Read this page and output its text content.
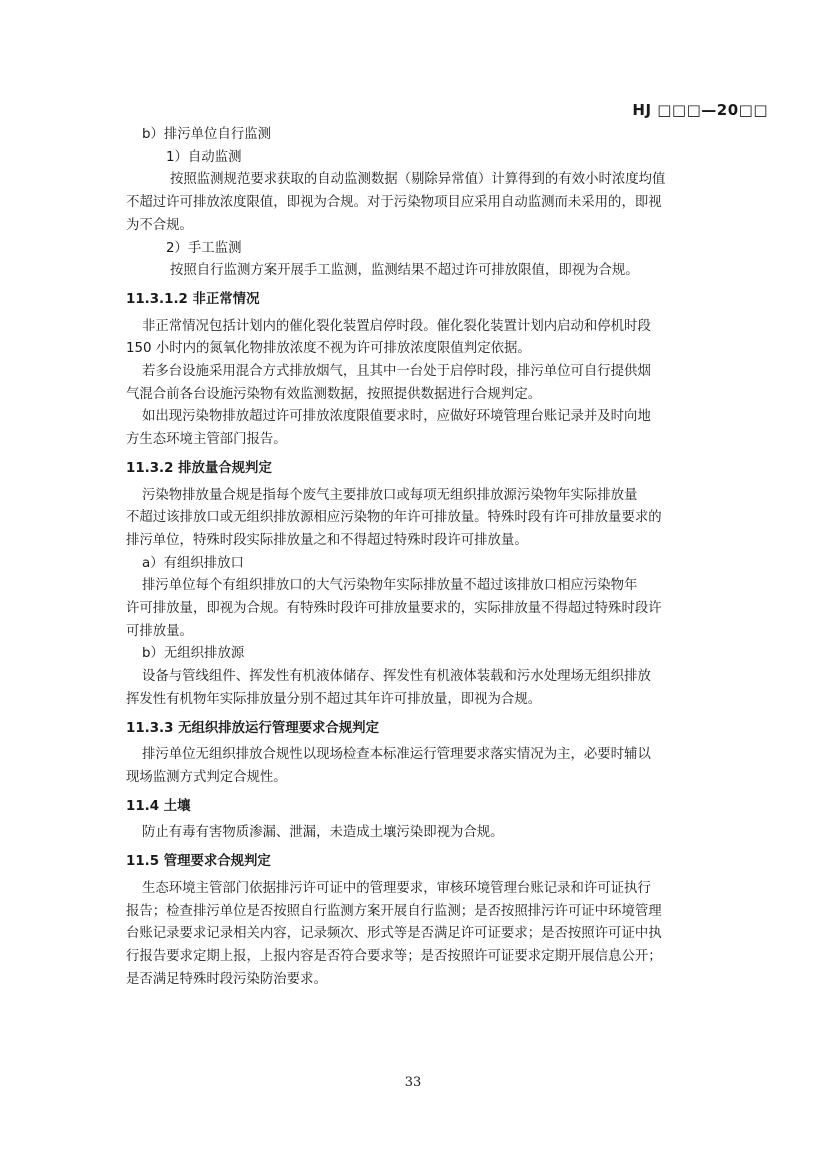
HJ □□□—20□□
b）排污单位自行监测
1）自动监测
按照监测规范要求获取的自动监测数据（剔除异常值）计算得到的有效小时浓度均值
不超过许可排放浓度限值，即视为合规。对于污染物项目应采用自动监测而未采用的，即视
为不合规。
2）手工监测
按照自行监测方案开展手工监测，监测结果不超过许可排放限值，即视为合规。
11.3.1.2 非正常情况
非正常情况包括计划内的催化裂化装置启停时段。催化裂化装置计划内启动和停机时段
150 小时内的氮氧化物排放浓度不视为许可排放浓度限值判定依据。
若多台设施采用混合方式排放烟气，且其中一台处于启停时段，排污单位可自行提供烟
气混合前各台设施污染物有效监测数据，按照提供数据进行合规判定。
如出现污染物排放超过许可排放浓度限值要求时，应做好环境管理台账记录并及时向地
方生态环境主管部门报告。
11.3.2 排放量合规判定
污染物排放量合规是指每个废气主要排放口或每项无组织排放源污染物年实际排放量
不超过该排放口或无组织排放源相应污染物的年许可排放量。特殊时段有许可排放量要求的
排污单位，特殊时段实际排放量之和不得超过特殊时段许可排放量。
a）有组织排放口
排污单位每个有组织排放口的大气污染物年实际排放量不超过该排放口相应污染物年
许可排放量，即视为合规。有特殊时段许可排放量要求的，实际排放量不得超过特殊时段许
可排放量。
b）无组织排放源
设备与管线组件、挥发性有机液体储存、挥发性有机液体装载和污水处理场无组织排放
挥发性有机物年实际排放量分别不超过其年许可排放量，即视为合规。
11.3.3 无组织排放运行管理要求合规判定
排污单位无组织排放合规性以现场检查本标准运行管理要求落实情况为主，必要时辅以
现场监测方式判定合规性。
11.4 土壤
防止有毒有害物质渗漏、泄漏，未造成土壤污染即视为合规。
11.5 管理要求合规判定
生态环境主管部门依据排污许可证中的管理要求，审核环境管理台账记录和许可证执行
报告；检查排污单位是否按照自行监测方案开展自行监测；是否按照排污许可证中环境管理
台账记录要求记录相关内容，记录频次、形式等是否满足许可证要求；是否按照许可证中执
行报告要求定期上报，上报内容是否符合要求等；是否按照许可证要求定期开展信息公开；
是否满足特殊时段污染防治要求。
33
